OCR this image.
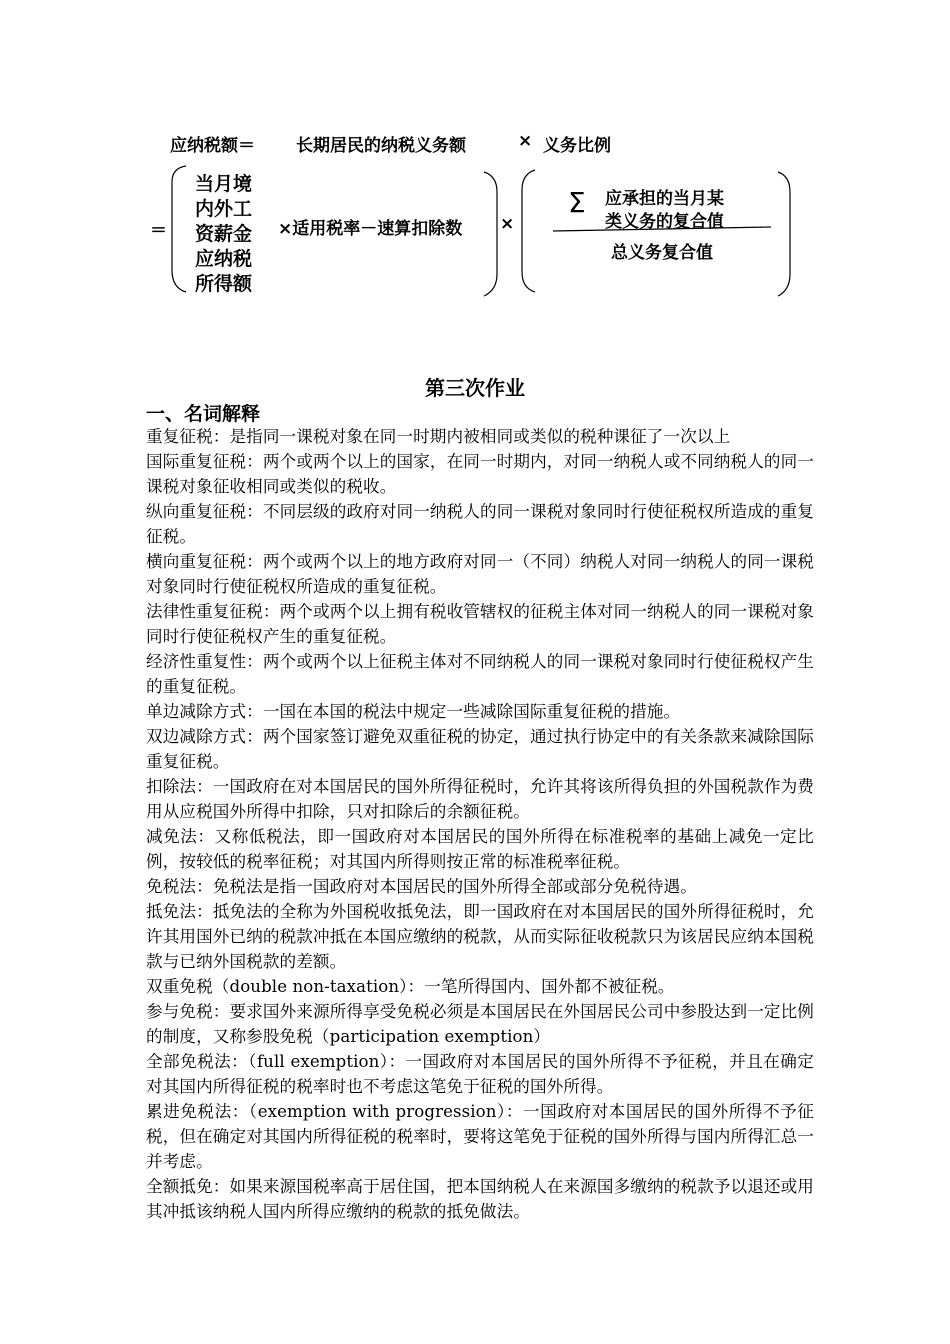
应纳税额＝ 长期居民的纳税义务额	× 义务比例
＝
当月境
内外工
资薪金
应纳税
所得额
×适用税率－速算扣除数 ×
Σ 应承担的当月某
类义务的复合值
总义务复合值
第三次作业
一、名词解释
重复征税：是指同一课税对象在同一时期内被相同或类似的税种课征了一次以上
国际重复征税：两个或两个以上的国家，在同一时期内，对同一纳税人或不同纳税人的同一课税对象征收相同或类似的税收。
纵向重复征税：不同层级的政府对同一纳税人的同一课税对象同时行使征税权所造成的重复征税。
横向重复征税：两个或两个以上的地方政府对同一（不同）纳税人对同一纳税人的同一课税对象同时行使征税权所造成的重复征税。
法律性重复征税：两个或两个以上拥有税收管辖权的征税主体对同一纳税人的同一课税对象同时行使征税权产生的重复征税。
经济性重复性：两个或两个以上征税主体对不同纳税人的同一课税对象同时行使征税权产生的重复征税。
单边减除方式：一国在本国的税法中规定一些减除国际重复征税的措施。
双边减除方式：两个国家签订避免双重征税的协定，通过执行协定中的有关条款来减除国际重复征税。
扣除法：一国政府在对本国居民的国外所得征税时，允许其将该所得负担的外国税款作为费用从应税国外所得中扣除，只对扣除后的余额征税。
减免法：又称低税法，即一国政府对本国居民的国外所得在标准税率的基础上减免一定比例，按较低的税率征税；对其国内所得则按正常的标准税率征税。
免税法：免税法是指一国政府对本国居民的国外所得全部或部分免税待遇。
抵免法：抵免法的全称为外国税收抵免法，即一国政府在对本国居民的国外所得征税时，允许其用国外已纳的税款冲抵在本国应缴纳的税款，从而实际征收税款只为该居民应纳本国税款与已纳外国税款的差额。
双重免税（double non-taxation）：一笔所得国内、国外都不被征税。
参与免税：要求国外来源所得享受免税必须是本国居民在外国居民公司中参股达到一定比例的制度，又称参股免税（participation exemption）
全部免税法：（full exemption）：一国政府对本国居民的国外所得不予征税，并且在确定对其国内所得征税的税率时也不考虑这笔免于征税的国外所得。
累进免税法：（exemption with progression）：一国政府对本国居民的国外所得不予征税，但在确定对其国内所得征税的税率时，要将这笔免于征税的国外所得与国内所得汇总一并考虑。
全额抵免：如果来源国税率高于居住国，把本国纳税人在来源国多缴纳的税款予以退还或用其冲抵该纳税人国内所得应缴纳的税款的抵免做法。
